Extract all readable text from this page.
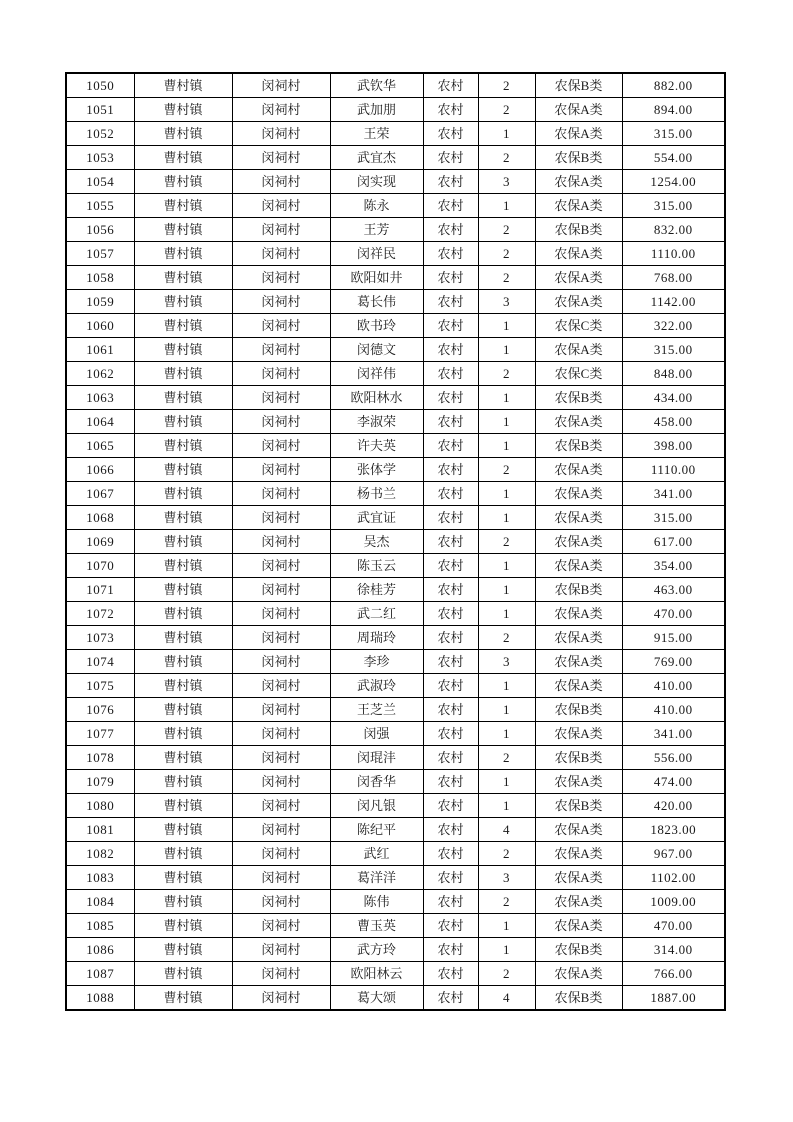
1050	曹村镇	闵祠村	武钦华	农村	2	农保B类	882.00
1051	曹村镇	闵祠村	武加朋	农村	2	农保A类	894.00
1052	曹村镇	闵祠村	王荣	农村	1	农保A类	315.00
1053	曹村镇	闵祠村	武宜杰	农村	2	农保B类	554.00
1054	曹村镇	闵祠村	闵实现	农村	3	农保A类	1254.00
1055	曹村镇	闵祠村	陈永	农村	1	农保A类	315.00
1056	曹村镇	闵祠村	王芳	农村	2	农保B类	832.00
1057	曹村镇	闵祠村	闵祥民	农村	2	农保A类	1110.00
1058	曹村镇	闵祠村	欧阳如井	农村	2	农保A类	768.00
1059	曹村镇	闵祠村	葛长伟	农村	3	农保A类	1142.00
1060	曹村镇	闵祠村	欧书玲	农村	1	农保C类	322.00
1061	曹村镇	闵祠村	闵德文	农村	1	农保A类	315.00
1062	曹村镇	闵祠村	闵祥伟	农村	2	农保C类	848.00
1063	曹村镇	闵祠村	欧阳林水	农村	1	农保B类	434.00
1064	曹村镇	闵祠村	李淑荣	农村	1	农保A类	458.00
1065	曹村镇	闵祠村	许夫英	农村	1	农保B类	398.00
1066	曹村镇	闵祠村	张体学	农村	2	农保A类	1110.00
1067	曹村镇	闵祠村	杨书兰	农村	1	农保A类	341.00
1068	曹村镇	闵祠村	武宜证	农村	1	农保A类	315.00
1069	曹村镇	闵祠村	吴杰	农村	2	农保A类	617.00
1070	曹村镇	闵祠村	陈玉云	农村	1	农保A类	354.00
1071	曹村镇	闵祠村	徐桂芳	农村	1	农保B类	463.00
1072	曹村镇	闵祠村	武二红	农村	1	农保A类	470.00
1073	曹村镇	闵祠村	周瑞玲	农村	2	农保A类	915.00
1074	曹村镇	闵祠村	李珍	农村	3	农保A类	769.00
1075	曹村镇	闵祠村	武淑玲	农村	1	农保A类	410.00
1076	曹村镇	闵祠村	王芝兰	农村	1	农保B类	410.00
1077	曹村镇	闵祠村	闵强	农村	1	农保A类	341.00
1078	曹村镇	闵祠村	闵琨沣	农村	2	农保B类	556.00
1079	曹村镇	闵祠村	闵香华	农村	1	农保A类	474.00
1080	曹村镇	闵祠村	闵凡银	农村	1	农保B类	420.00
1081	曹村镇	闵祠村	陈纪平	农村	4	农保A类	1823.00
1082	曹村镇	闵祠村	武红	农村	2	农保A类	967.00
1083	曹村镇	闵祠村	葛洋洋	农村	3	农保A类	1102.00
1084	曹村镇	闵祠村	陈伟	农村	2	农保A类	1009.00
1085	曹村镇	闵祠村	曹玉英	农村	1	农保A类	470.00
1086	曹村镇	闵祠村	武方玲	农村	1	农保B类	314.00
1087	曹村镇	闵祠村	欧阳林云	农村	2	农保A类	766.00
1088	曹村镇	闵祠村	葛大颂	农村	4	农保B类	1887.00
